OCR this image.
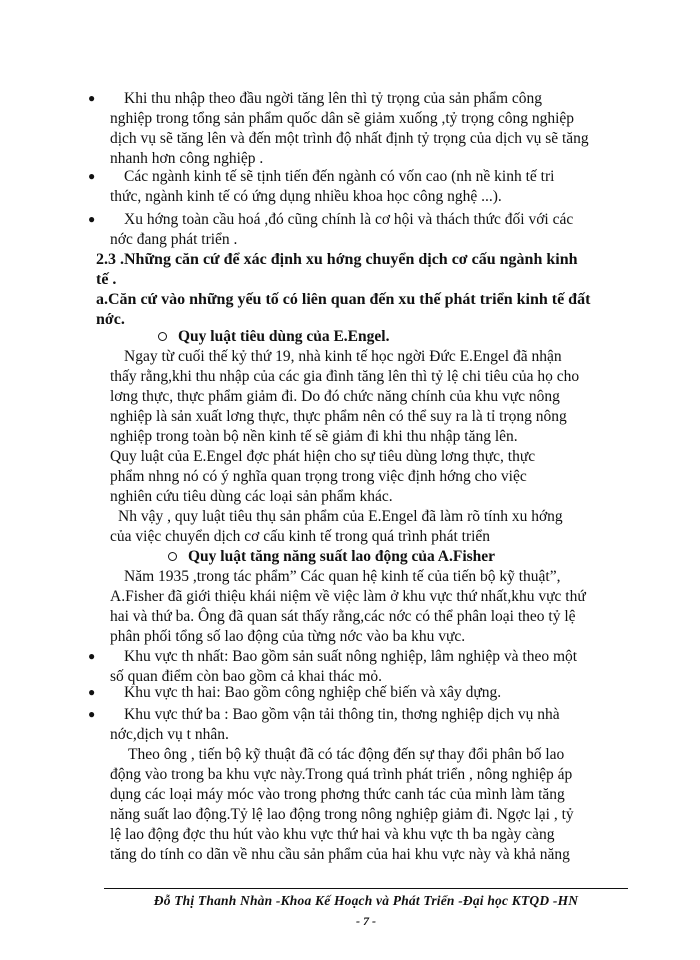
● Khi thu nhập theo đầu ngời tăng lên thì tỷ trọng của sản phẩm công
nghiệp trong tổng sản phẩm quốc dân sẽ giảm xuống ,tỷ trọng công nghiệp
dịch vụ sẽ tăng lên và đến một trình độ nhất định tỷ trọng của dịch vụ sẽ tăng
nhanh hơn công nghiệp .
● Các ngành kinh tế sẽ tịnh tiến đến ngành có vốn cao (nh nề kinh tế tri
thức, ngành kinh tế có ứng dụng nhiều khoa học công nghệ ...).
● Xu hớng toàn cầu hoá ,đó cũng chính là cơ hội và thách thức đối với các
nớc đang phát triển .
2.3 .Những căn cứ để xác định xu hớng chuyển dịch cơ cấu ngành kinh
tế .
a.Căn cứ vào những yếu tố có liên quan đến xu thế phát triển kinh tế đất
nớc.
Quy luật tiêu dùng của E.Engel.
Ngay từ cuối thế kỷ thứ 19, nhà kinh tế học ngời Đức E.Engel đã nhận
thấy rằng,khi thu nhập của các gia đình tăng lên thì tỷ lệ chi tiêu của họ cho
lơng thực, thực phẩm giảm đi. Do đó chức năng chính của khu vực nông
nghiệp là sản xuất lơng thực, thực phẩm nên có thể suy ra là tỉ trọng nông
nghiệp trong toàn bộ nền kinh tế sẽ giảm đi khi thu nhập tăng lên.
Quy luật của E.Engel đợc phát hiện cho sự tiêu dùng lơng thực, thực
phẩm nhng nó có ý nghĩa quan trọng trong việc định hớng cho việc
nghiên cứu tiêu dùng các loại sản phẩm khác.
Nh vậy , quy luật tiêu thụ sản phẩm của E.Engel đã làm rõ tính xu hớng
của việc chuyển dịch cơ cấu kinh tế trong quá trình phát triển
Quy luật tăng năng suất lao động của A.Fisher
Năm 1935 ,trong tác phẩm” Các quan hệ kinh tế của tiến bộ kỹ thuật”,
A.Fisher đã giới thiệu khái niệm về việc làm ở khu vực thứ nhất,khu vực thứ
hai và thứ ba. Ông đã quan sát thấy rằng,các nớc có thể phân loại theo tỷ lệ
phân phối tổng số lao động của từng nớc vào ba khu vực.
● Khu vực th nhất: Bao gồm sản suất nông nghiệp, lâm nghiệp và theo một
số quan điểm còn bao gồm cả khai thác mỏ.
● Khu vực th hai: Bao gồm công nghiệp chế biến và xây dựng.
● Khu vực thứ ba : Bao gồm vận tải thông tin, thơng nghiệp dịch vụ nhà
nớc,dịch vụ t nhân.
Theo ông , tiến bộ kỹ thuật đã có tác động đến sự thay đổi phân bố lao
động vào trong ba khu vực này.Trong quá trình phát triển , nông nghiệp áp
dụng các loại máy móc vào trong phơng thức canh tác của mình làm tăng
năng suất lao động.Tỷ lệ lao động trong nông nghiệp giảm đi. Ngợc lại , tỷ
lệ lao động đợc thu hút vào khu vực thứ hai và khu vực th ba ngày càng
tăng do tính co dãn về nhu cầu sản phẩm của hai khu vực này và khả năng
Đỗ Thị Thanh Nhàn -Khoa Kế Hoạch và Phát Triển -Đại học KTQD -HN
- 7 -
